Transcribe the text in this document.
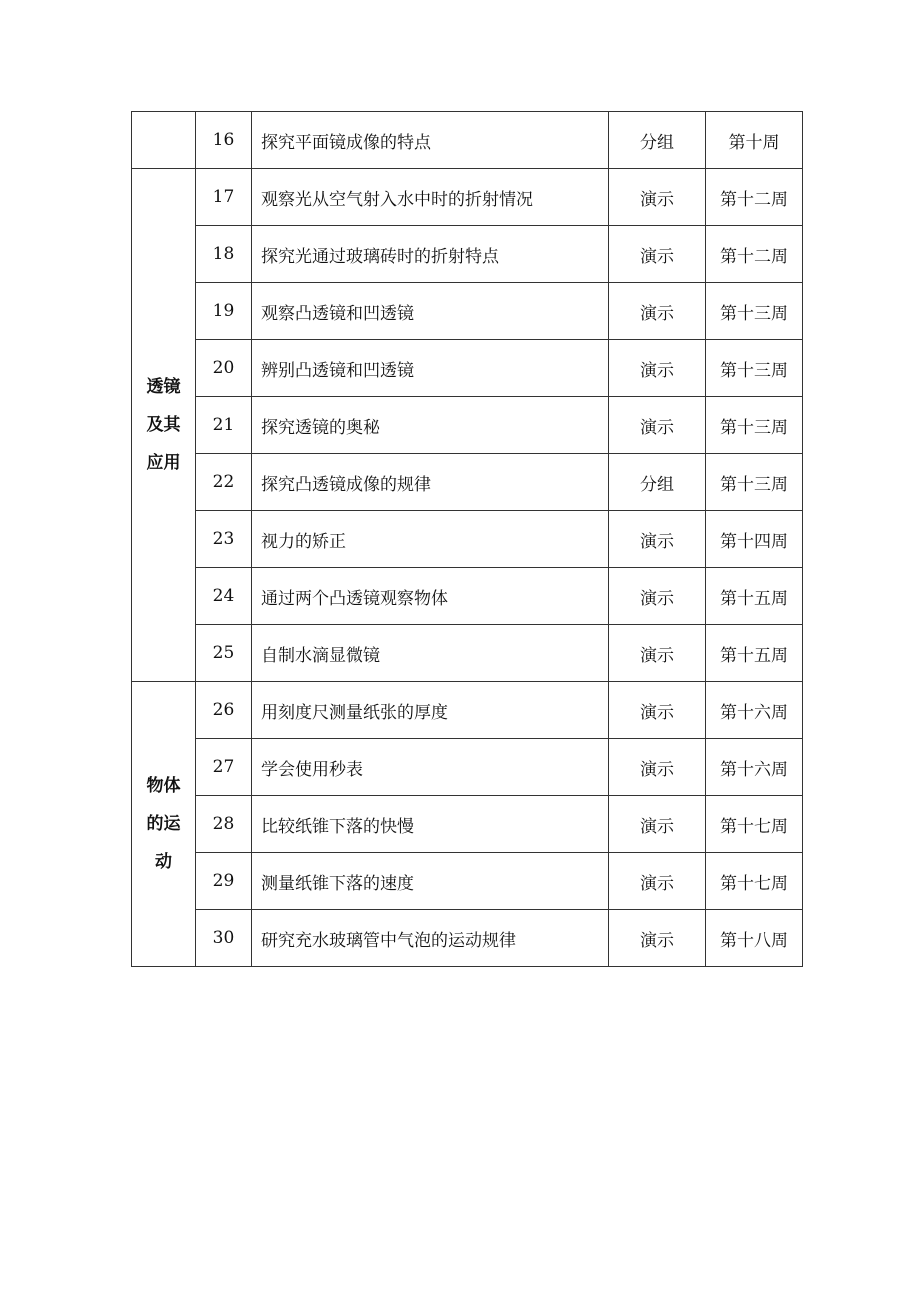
	16	探究平面镜成像的特点	分组	第十周
透镜及其应用	17	观察光从空气射入水中时的折射情况	演示	第十二周
	18	探究光通过玻璃砖时的折射特点	演示	第十二周
	19	观察凸透镜和凹透镜	演示	第十三周
	20	辨别凸透镜和凹透镜	演示	第十三周
	21	探究透镜的奥秘	演示	第十三周
	22	探究凸透镜成像的规律	分组	第十三周
	23	视力的矫正	演示	第十四周
	24	通过两个凸透镜观察物体	演示	第十五周
	25	自制水滴显微镜	演示	第十五周
物体的运动	26	用刻度尺测量纸张的厚度	演示	第十六周
	27	学会使用秒表	演示	第十六周
	28	比较纸锥下落的快慢	演示	第十七周
	29	测量纸锥下落的速度	演示	第十七周
	30	研究充水玻璃管中气泡的运动规律	演示	第十八周
